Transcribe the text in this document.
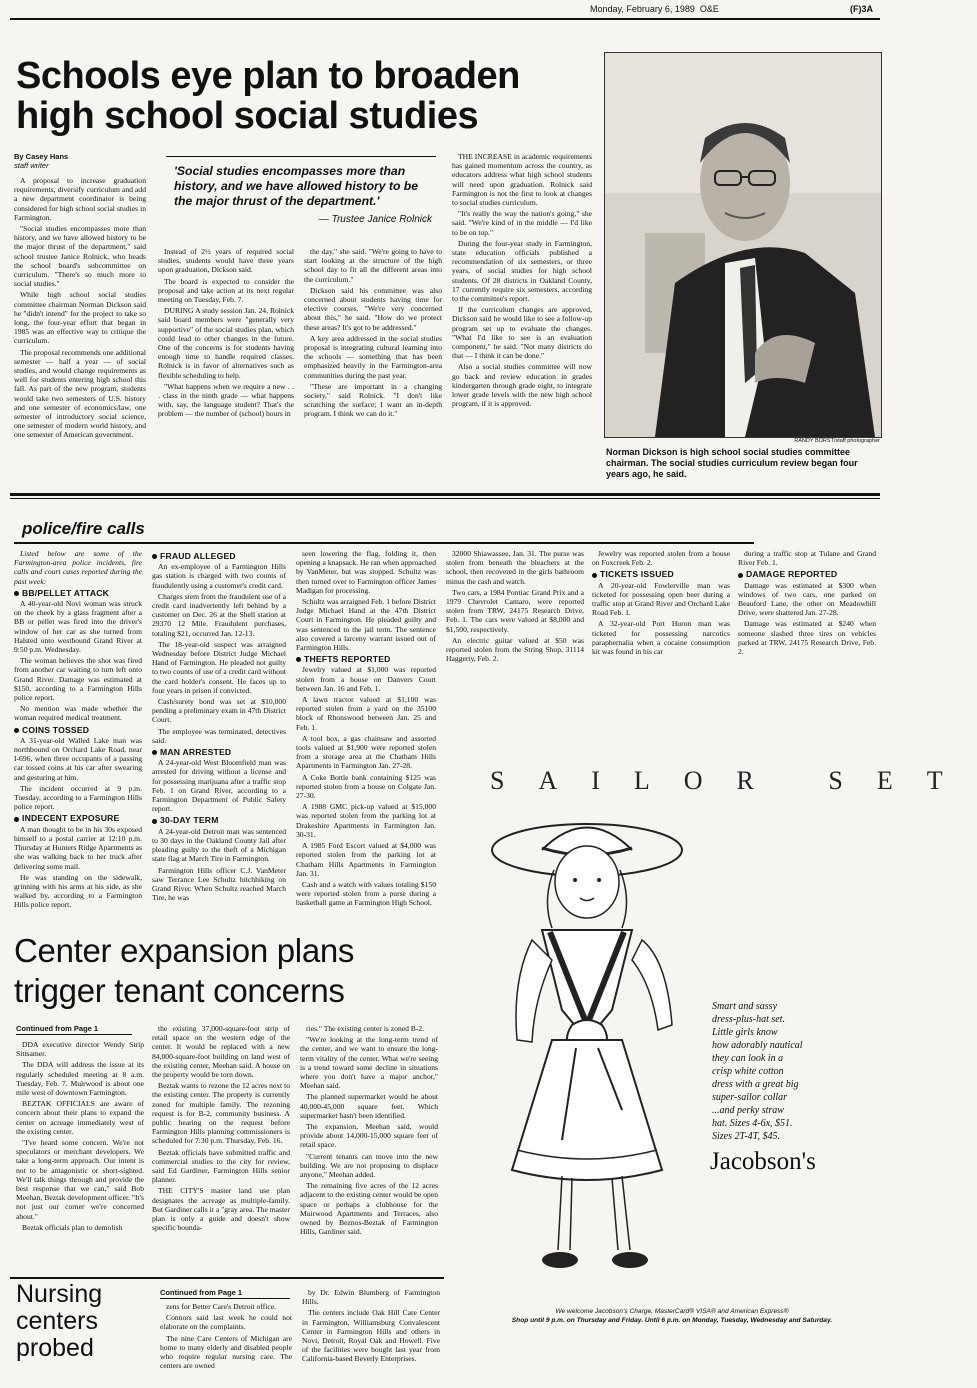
Monday, February 6, 1989 O&E	(F)3A
Schools eye plan to broaden high school social studies
By Casey Hans
staff writer

A proposal to increase graduation requirements, diversify curriculum and add a new department coordinator is being considered for high school social studies in Farmington.

"Social studies encompasses more than history, and we have allowed history to be the major thrust of the department," said school trustee Janice Rolnick, who heads the school board's subcommittee on curriculum. "There's so much more to social studies."

While high school social studies committee chairman Norman Dickson said he "didn't intend" for the project to take so long, the four-year effort that began in 1985 was an effective way to critique the curriculum.

The proposal recommends one additional semester — half a year — of social studies, and would change requirements as well for students entering high school this fall. As part of the new program, students would take two semesters of U.S. history and one semester of economics/law, one semester of introductory social science, one semester of modern world history, and one semester of American government.

'Social studies encompasses more than history, and we have allowed history to be the major thrust of the department.'
— Trustee Janice Rolnick

Instead of 2½ years of required social studies, students would have three years upon graduation, Dickson said.

The board is expected to consider the proposal and take action at its next regular meeting on Tuesday, Feb. 7.

DURING A study session Jan. 24, Rolnick said board members were "generally very supportive" of the social studies plan, which could lead to other changes in the future. One of the concerns is for students having enough time to handle required classes. Rolnick is in favor of alternatives such as flexible scheduling to help.

"What happens when we require a new . . . class in the ninth grade — what happens with, say, the language student? That's the problem — the number of (school) hours in

the day," she said. "We're going to have to start looking at the structure of the high school day to fit all the different areas into the curriculum."

Dickson said his committee was also concerned about students having time for elective courses. "We're very concerned about this," he said. "How do we protect these areas? It's got to be addressed."

A key area addressed in the social studies proposal is integrating cultural learning into the schools — something that has been emphasized heavily in the Farmington-area communities during the past year.

"These are important in a changing society," said Rolnick. "I don't like scratching the surface; I want an in-depth program. I think we can do it."

THE INCREASE in academic requirements has gained momentum across the country, as educators address what high school students will need upon graduation. Rolnick said Farmington is not the first to look at changes to social studies curriculum.

"It's really the way the nation's going," she said. "We're kind of in the middle — I'd like to be on top."

During the four-year study in Farmington, state education officials published a recommendation of six semesters, or three years, of social studies for high school students. Of 28 districts in Oakland County, 17 currently require six semesters, according to the committee's report.

If the curriculum changes are approved, Dickson said he would like to see a follow-up program set up to evaluate the changes. "What I'd like to see is an evaluation component," he said. "Not many districts do that — I think it can be done."

Also a social studies committee will now go back and review education in grades kindergarten through grade eight, to integrate lower grade levels with the new high school program, if it is approved.

RANDY BORST/staff photographer
Norman Dickson is high school social studies committee chairman. The social studies curriculum review began four years ago, he said.
police/fire calls

Listed below are some of the Farmington-area police incidents, fire calls and court cases reported during the past week:

BB/PELLET ATTACK

A 40-year-old Novi woman was struck on the cheek by a glass fragment after a BB or pellet was fired into the driver's window of her car as she turned from Halsted onto westbound Grand River at 9:50 p.m. Wednesday.

The woman believes the shot was fired from another car waiting to turn left onto Grand River. Damage was estimated at $150, according to a Farmington Hills police report.

No mention was made whether the woman required medical treatment.

COINS TOSSED

A 31-year-old Walled Lake man was northbound on Orchard Lake Road, near I-696, when three occupants of a passing car tossed coins at his car after swearing and gesturing at him.

The incident occurred at 9 p.m. Tuesday, according to a Farmington Hills police report.

INDECENT EXPOSURE

A man thought to be in his 30s exposed himself to a postal carrier at 12:10 p.m. Thursday at Hunters Ridge Apartments as she was walking back to her truck after delivering some mail.

He was standing on the sidewalk, grinning with his arms at his side, as she walked by, according to a Farmington Hills police report.

FRAUD ALLEGED

An ex-employee of a Farmington Hills gas station is charged with two counts of fraudulently using a customer's credit card.

Charges stem from the fraudulent use of a credit card inadvertently left behind by a customer on Dec. 26 at the Shell station at 29370 12 Mile. Fraudulent purchases, totaling $21, occurred Jan. 12-13.

The 18-year-old suspect was arraigned Wednesday before District Judge Michael Hand of Farmington. He pleaded not guilty to two counts of use of a credit card without the card holder's consent. He faces up to four years in prison if convicted.

Cash/surety bond was set at $10,000 pending a preliminary exam in 47th District Court.

The employee was terminated, detectives said.

MAN ARRESTED

A 24-year-old West Bloomfield man was arrested for driving without a license and for possessing marijuana after a traffic stop Feb. 1 on Grand River, according to a Farmington Department of Public Safety report.

30-DAY TERM

A 24-year-old Detroit man was sentenced to 30 days in the Oakland County Jail after pleading guilty to the theft of a Michigan state flag at March Tire in Farmington.

Farmington Hills officer C.J. VanMeter saw Terrance Lee Schultz hitchhiking on Grand River. When Schultz reached March Tire, he was

seen lowering the flag, folding it, then opening a knapsack. He ran when approached by VanMeter, but was stopped. Schultz was then turned over to Farmington officer James Madigan for processing.

Schultz was arraigned Feb. 1 before District Judge Michael Hand at the 47th District Court in Farmington. He pleaded guilty and was sentenced to the jail term. The sentence also covered a larceny warrant issued out of Farmington Hills.

THEFTS REPORTED

Jewelry valued at $1,000 was reported stolen from a house on Danvers Court between Jan. 16 and Feb. 1.

A lawn tractor valued at $1,100 was reported stolen from a yard on the 35100 block of Rhonswood between Jan. 25 and Feb. 1.

A tool box, a gas chainsaw and assorted tools valued at $1,900 were reported stolen from a storage area at the Chatham Hills Apartments in Farmington Jan. 27-28.

A Coke Bottle bank containing $125 was reported stolen from a house on Colgate Jan. 27-30.

A 1988 GMC pick-up valued at $15,000 was reported stolen from the parking lot at Drakeshire Apartments in Farmington Jan. 30-31.

A 1985 Ford Escort valued at $4,000 was reported stolen from the parking lot at Chatham Hills Apartments in Farmington Jan. 31.

Cash and a watch with values totaling $150 were reported stolen from a purse during a basketball game at Farmington High School,

32000 Shiawassee, Jan. 31. The purse was stolen from beneath the bleachers at the school, then recovered in the girls bathroom minus the cash and watch.

Two cars, a 1984 Pontiac Grand Prix and a 1979 Chevrolet Camaro, were reported stolen from TRW, 24175 Research Drive, Feb. 1. The cars were valued at $8,000 and $1,500, respectively.

An electric guitar valued at $50 was reported stolen from the String Shop, 31114 Haggerty, Feb. 2.

Jewelry was reported stolen from a house on Foxcreek Feb. 2.

TICKETS ISSUED

A 20-year-old Fowlerville man was ticketed for possessing open beer during a traffic stop at Grand River and Orchard Lake Road Feb. 1.

A 32-year-old Port Huron man was ticketed for possessing narcotics paraphernalia when a cocaine consumption kit was found in his car

during a traffic stop at Tulane and Grand River Feb. 1.

DAMAGE REPORTED

Damage was estimated at $300 when windows of two cars, one parked on Beauford Lane, the other on Meadowhill Drive, were shattered Jan. 27-28.

Damage was estimated at $240 when someone slashed three tires on vehicles parked at TRW, 24175 Research Drive, Feb. 2.

Center expansion plans
trigger tenant concerns
Continued from Page 1

DDA executive director Wendy Strip Sittsamer.

The DDA will address the issue at its regularly scheduled meeting at 8 a.m. Tuesday, Feb. 7. Mulrwood is about one mile west of downtown Farmington.

BEZTAK OFFICIALS are aware of concern about their plans to expand the center on acreage immediately west of the existing center.

"I've heard some concern. We're not speculators or merchant developers. We take a long-term approach. Our intent is not to be antagonistic or short-sighted. We'll talk things through and provide the best response that we can," said Bob Meehan, Beztak development officer. "It's not just our corner we're concerned about."

Beztak officials plan to demolish

the existing 37,000-square-foot strip of retail space on the western edge of the center. It would be replaced with a new 84,000-square-foot building on land west of the existing center, Meehan said. A house on the property would be torn down.

Beztak wants to rezone the 12 acres next to the existing center. The property is currently zoned for multiple family. The rezoning request is for B-2, community business. A public hearing on the request before Farmington Hills planning commissioners is scheduled for 7:30 p.m. Thursday, Feb. 16.

Beztak officials have submitted traffic and commercial studies to the city for review, said Ed Gardiner, Farmington Hills senior planner.

THE CITY'S master land use plan designates the acreage as multiple-family. But Gardiner calls it a "gray area. The master plan is only a guide and doesn't show specific bounda-

ries." The existing center is zoned B-2.

"We're looking at the long-term trend of the center, and we want to ensure the long-term vitality of the center. What we're seeing is a trend toward some decline in situations where you don't have a major anchor," Meehan said.

The planned supermarket would be about 40,000-45,000 square feet. Which supermarket hasn't been identified.

The expansion, Meehan said, would provide about 14,000-15,000 square feet of retail space.

"Current tenants can move into the new building. We are not proposing to displace anyone," Meehan added.

The remaining five acres of the 12 acres adjacent to the existing center would be open space or perhaps a clubhouse for the Muirwood Apartments and Terraces, also owned by Beznos-Beztak of Farmington Hills, Gardiner said.

Nursing
centers
probed
Continued from Page 1

zens for Better Care's Detroit office.

Connors said last week he could not elaborate on the complaints.

The nine Care Centers of Michigan are home to many elderly and disabled people who require regular nursing care. The centers are owned

by Dr. Edwin Blumberg of Farmington Hills.

The centers include Oak Hill Care Center in Farmington, Williamsburg Convalescent Center in Farmington Hills and others in Novi, Detroit, Royal Oak and Howell. Five of the facilities were bought last year from California-based Beverly Enterprises.

SAILOR SET
Smart and sassy
dress-plus-hat set.
Little girls know
how adorably nautical
they can look in a
crisp white cotton
dress with a great big
super-sailor collar
...and perky straw
hat. Sizes 4-6x, $51.
Sizes 2T-4T, $45.
Jacobson's
We welcome Jacobson's Charge, MasterCard® VISA® and American Express®
Shop until 9 p.m. on Thursday and Friday. Until 6 p.m. on Monday, Tuesday, Wednesday and Saturday.
